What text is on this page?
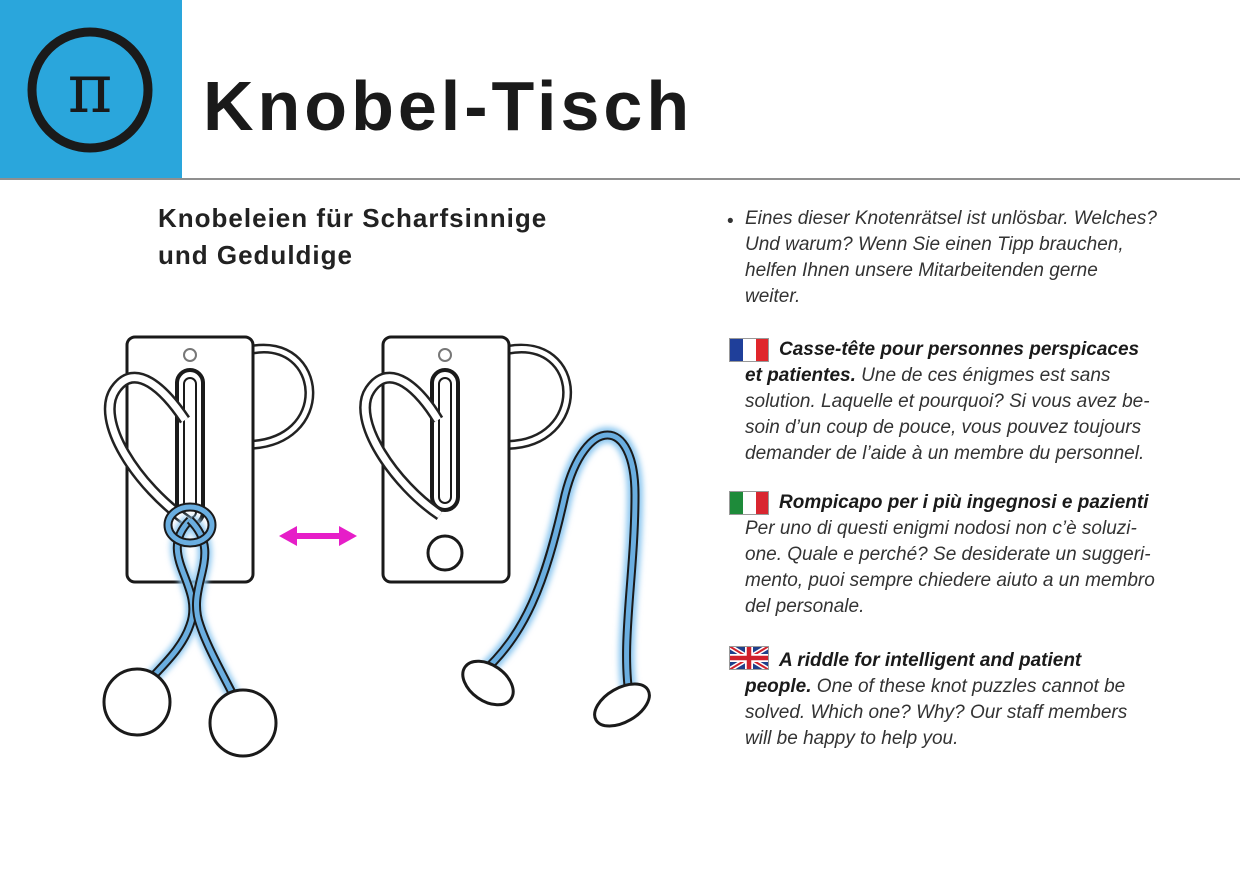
π Knobel-Tisch
Knobeleien für Scharfsinnige
und Geduldige
• Eines dieser Knotenrätsel ist unlösbar. Welches?
Und warum? Wenn Sie einen Tipp brauchen,
helfen Ihnen unsere Mitarbeitenden gerne
weiter.
Casse-tête pour personnes perspicaces
et patientes. Une de ces énigmes est sans
solution. Laquelle et pourquoi? Si vous avez be-
soin d’un coup de pouce, vous pouvez toujours
demander de l’aide à un membre du personnel.
Rompicapo per i più ingegnosi e pazienti
Per uno di questi enigmi nodosi non c’è soluzi-
one. Quale e perché? Se desiderate un suggeri-
mento, puoi sempre chiedere aiuto a un membro
del personale.
A riddle for intelligent and patient
people. One of these knot puzzles cannot be
solved. Which one? Why? Our staff members
will be happy to help you.
